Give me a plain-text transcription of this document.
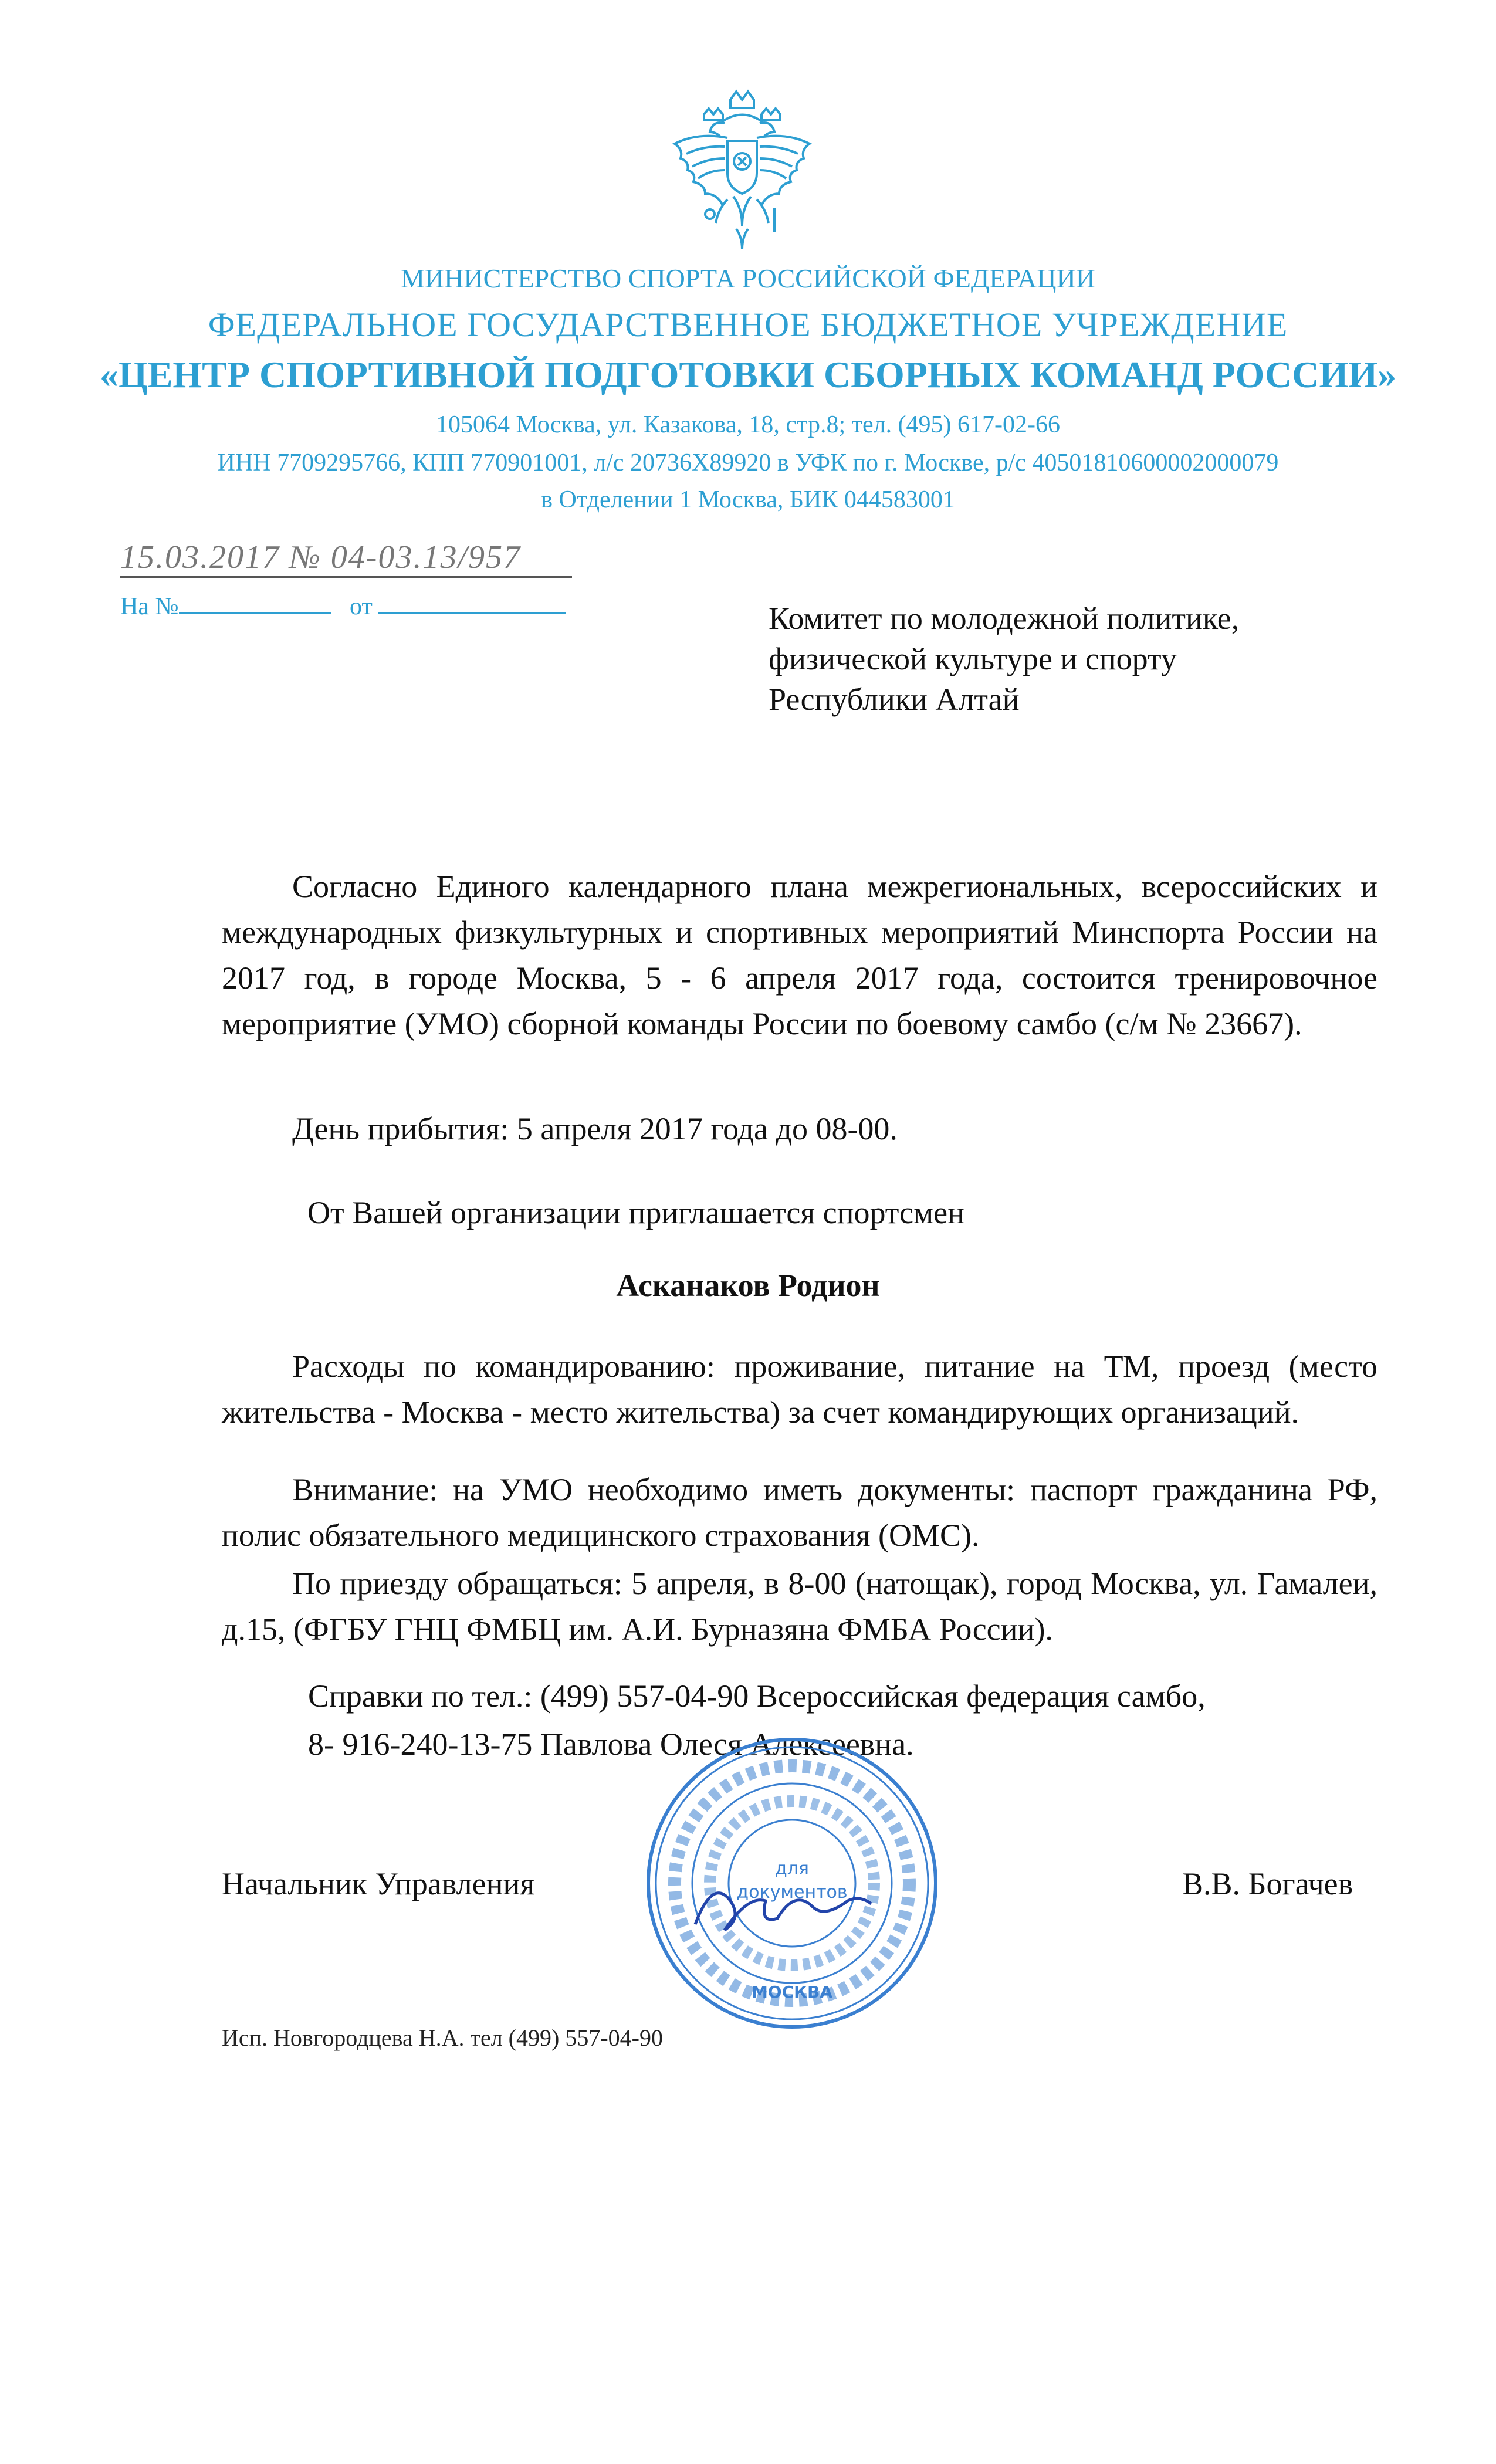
МИНИСТЕРСТВО СПОРТА РОССИЙСКОЙ ФЕДЕРАЦИИ
ФЕДЕРАЛЬНОЕ ГОСУДАРСТВЕННОЕ БЮДЖЕТНОЕ УЧРЕЖДЕНИЕ
«ЦЕНТР СПОРТИВНОЙ ПОДГОТОВКИ СБОРНЫХ КОМАНД РОССИИ»
105064 Москва, ул. Казакова, 18, стр.8; тел. (495) 617-02-66
ИНН 7709295766, КПП 770901001, л/с 20736Х89920 в УФК по г. Москве, р/с 40501810600002000079
в Отделении 1 Москва, БИК 044583001
15.03.2017 № 04-03.13/957
На №	от	Комитет по молодежной политике,
физической культуре и спорту
Республики Алтай
Согласно Единого календарного плана межрегиональных, всероссийских и международных физкультурных и спортивных мероприятий Минспорта России на 2017 год, в городе Москва, 5 - 6 апреля 2017 года, состоится тренировочное мероприятие (УМО) сборной команды России по боевому самбо (с/м № 23667).
День прибытия: 5 апреля 2017 года до 08-00.
От Вашей организации приглашается спортсмен
Асканаков Родион
Расходы по командированию: проживание, питание на ТМ, проезд (место жительства - Москва - место жительства) за счет командирующих организаций.
Внимание: на УМО необходимо иметь документы: паспорт гражданина РФ, полис обязательного медицинского страхования (ОМС).
По приезду обращаться: 5 апреля, в 8-00 (натощак), город Москва, ул. Гамалеи, д.15, (ФГБУ ГНЦ ФМБЦ им. А.И. Бурназяна ФМБА России).
Справки по тел.: (499) 557-04-90 Всероссийская федерация самбо,
8- 916-240-13-75 Павлова Олеся Алексеевна.
для
документов
МОСКВА
Начальник Управления	В.В. Богачев
Исп. Новгородцева Н.А. тел (499) 557-04-90
